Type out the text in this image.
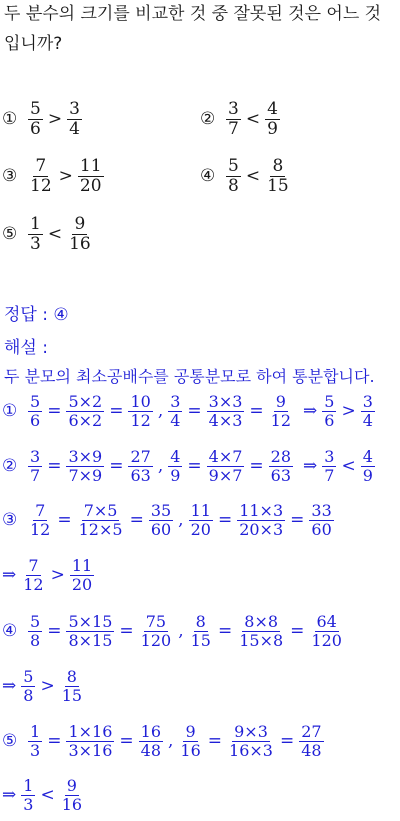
두 분수의 크기를 비교한 것 중 잘못된 것은 어느 것
입니까?
① $\frac{5}{6} > \frac{3}{4}$	② $\frac{3}{7} < \frac{4}{9}$
③ $\frac{7}{12} > \frac{11}{20}$	④ $\frac{5}{8} < \frac{8}{15}$
⑤ $\frac{1}{3} < \frac{9}{16}$
정답 : ④
해설 :
두 분모의 최소공배수를 공통분모로 하여 통분합니다.
① $\frac{5}{6} = \frac{5\times 2}{6\times 2} = \frac{10}{12}$ , $\frac{3}{4} = \frac{3\times 3}{4\times 3} = \frac{9}{12}$ ⇒ $\frac{5}{6} > \frac{3}{4}$
② $\frac{3}{7} = \frac{3\times 9}{7\times 9} = \frac{27}{63}$ , $\frac{4}{9} = \frac{4\times 7}{9\times 7} = \frac{28}{63}$ ⇒ $\frac{3}{7} < \frac{4}{9}$
③ $\frac{7}{12} = \frac{7\times 5}{12\times 5} = \frac{35}{60}$ , $\frac{11}{20} = \frac{11\times 3}{20\times 3} = \frac{33}{60}$
⇒ $\frac{7}{12} > \frac{11}{20}$
④ $\frac{5}{8} = \frac{5\times 15}{8\times 15} = \frac{75}{120}$ , $\frac{8}{15} = \frac{8\times 8}{15\times 8} = \frac{64}{120}$
⇒ $\frac{5}{8} > \frac{8}{15}$
⑤ $\frac{1}{3} = \frac{1\times 16}{3\times 16} = \frac{16}{48}$ , $\frac{9}{16} = \frac{9\times 3}{16\times 3} = \frac{27}{48}$
⇒ $\frac{1}{3} < \frac{9}{16}$
